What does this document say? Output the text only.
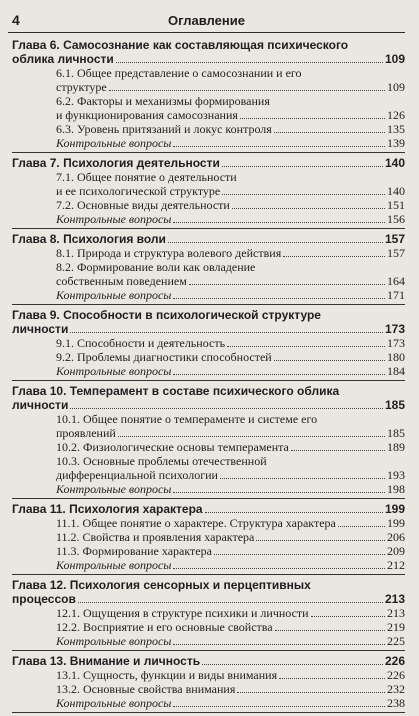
4	Оглавление
Глава 6. Самосознание как составляющая психического
облика личности	109
6.1. Общее представление о самосознании и его
структуре	109
6.2. Факторы и механизмы формирования
и функционирования самосознания	126
6.3. Уровень притязаний и локус контроля	135
Контрольные вопросы	139
Глава 7. Психология деятельности	140
7.1. Общее понятие о деятельности
и ее психологической структуре	140
7.2. Основные виды деятельности	151
Контрольные вопросы	156
Глава 8. Психология воли	157
8.1. Природа и структура волевого действия	157
8.2. Формирование воли как овладение
собственным поведением	164
Контрольные вопросы	171
Глава 9. Способности в психологической структуре
личности	173
9.1. Способности и деятельность	173
9.2. Проблемы диагностики способностей	180
Контрольные вопросы	184
Глава 10. Темперамент в составе психического облика
личности	185
10.1. Общее понятие о темпераменте и системе его
проявлений	185
10.2. Физиологические основы темперамента	189
10.3. Основные проблемы отечественной
дифференциальной психологии	193
Контрольные вопросы	198
Глава 11. Психология характера	199
11.1. Общее понятие о характере. Структура характера	199
11.2. Свойства и проявления характера	206
11.3. Формирование характера	209
Контрольные вопросы	212
Глава 12. Психология сенсорных и перцептивных
процессов	213
12.1. Ощущения в структуре психики и личности	213
12.2. Восприятие и его основные свойства	219
Контрольные вопросы	225
Глава 13. Внимание и личность	226
13.1. Сущность, функции и виды внимания	226
13.2. Основные свойства внимания	232
Контрольные вопросы	238
